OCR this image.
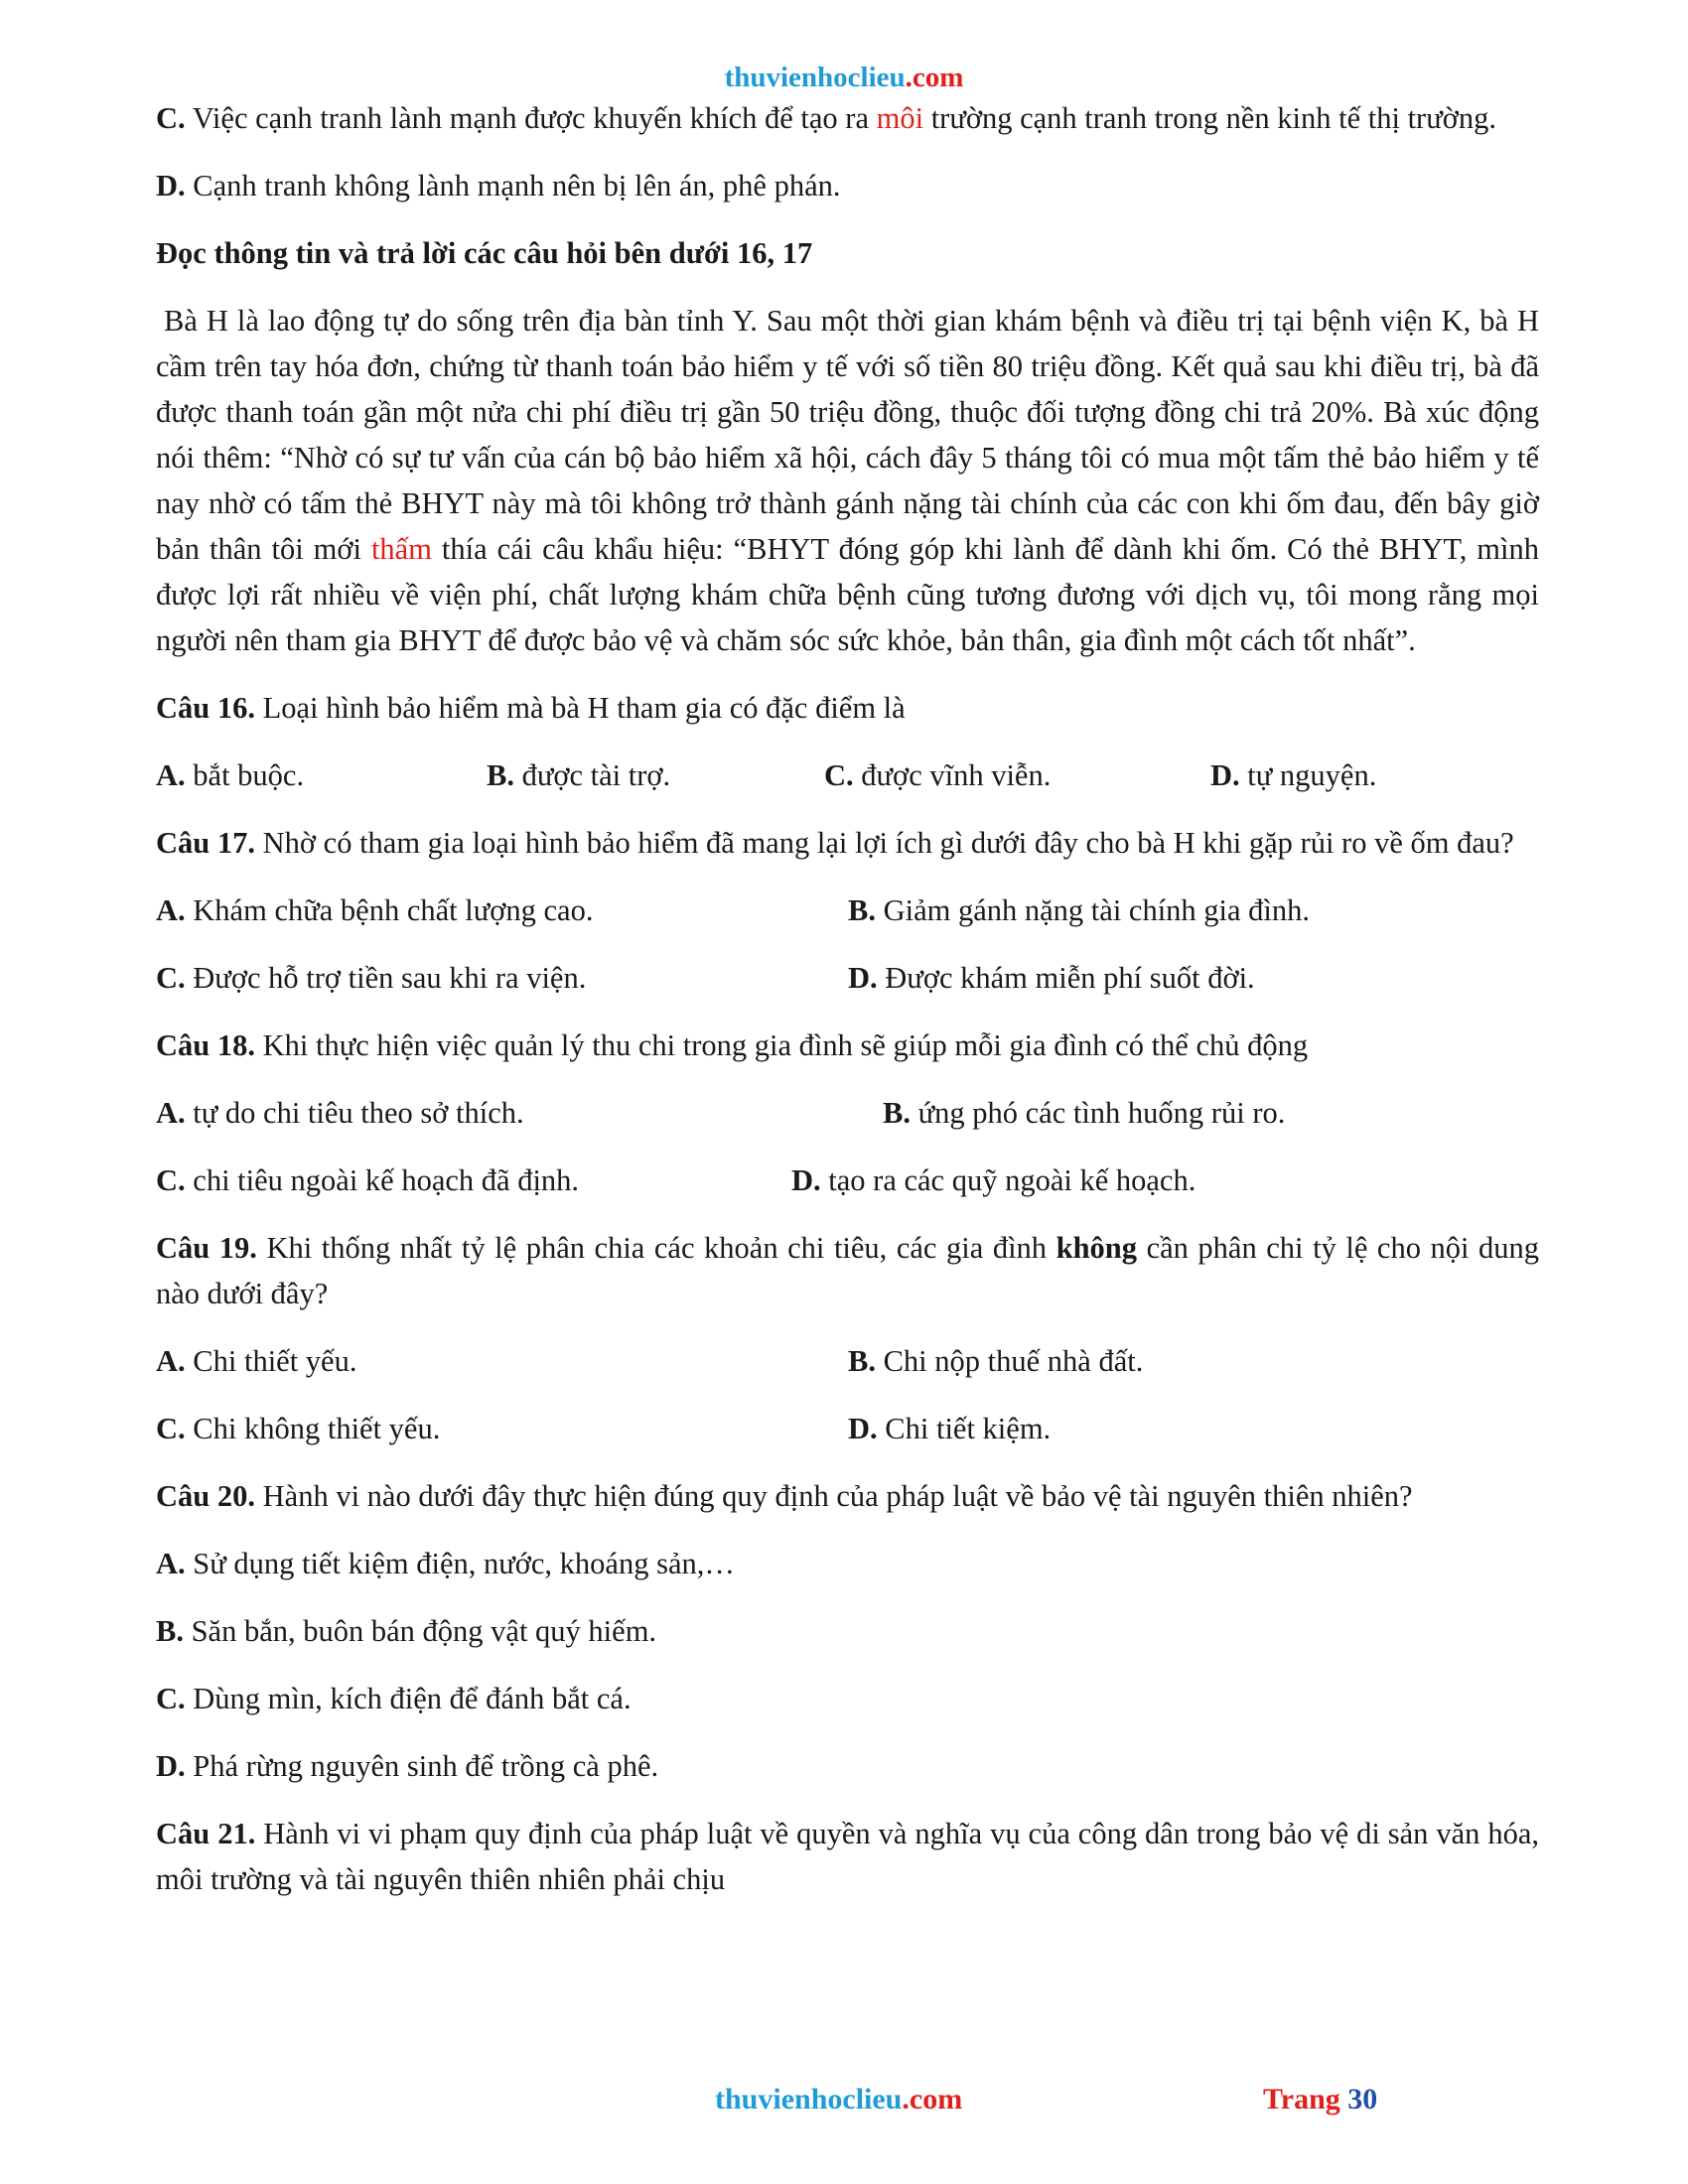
thuvienhoclieu.com

C. Việc cạnh tranh lành mạnh được khuyến khích để tạo ra môi trường cạnh tranh trong nền kinh tế thị trường.

D. Cạnh tranh không lành mạnh nên bị lên án, phê phán.

Đọc thông tin và trả lời các câu hỏi bên dưới 16, 17

Bà H là lao động tự do sống trên địa bàn tỉnh Y. Sau một thời gian khám bệnh và điều trị tại bệnh viện K, bà H cầm trên tay hóa đơn, chứng từ thanh toán bảo hiểm y tế với số tiền 80 triệu đồng. Kết quả sau khi điều trị, bà đã được thanh toán gần một nửa chi phí điều trị gần 50 triệu đồng, thuộc đối tượng đồng chi trả 20%. Bà xúc động nói thêm: “Nhờ có sự tư vấn của cán bộ bảo hiểm xã hội, cách đây 5 tháng tôi có mua một tấm thẻ bảo hiểm y tế nay nhờ có tấm thẻ BHYT này mà tôi không trở thành gánh nặng tài chính của các con khi ốm đau, đến bây giờ bản thân tôi mới thấm thía cái câu khẩu hiệu: “BHYT đóng góp khi lành để dành khi ốm. Có thẻ BHYT, mình được lợi rất nhiều về viện phí, chất lượng khám chữa bệnh cũng tương đương với dịch vụ, tôi mong rằng mọi người nên tham gia BHYT để được bảo vệ và chăm sóc sức khỏe, bản thân, gia đình một cách tốt nhất”.

Câu 16. Loại hình bảo hiểm mà bà H tham gia có đặc điểm là

A. bắt buộc.	B. được tài trợ.	C. được vĩnh viễn.	D. tự nguyện.

Câu 17. Nhờ có tham gia loại hình bảo hiểm đã mang lại lợi ích gì dưới đây cho bà H khi gặp rủi ro về ốm đau?

A. Khám chữa bệnh chất lượng cao.	B. Giảm gánh nặng tài chính gia đình.
C. Được hỗ trợ tiền sau khi ra viện.	D. Được khám miễn phí suốt đời.

Câu 18. Khi thực hiện việc quản lý thu chi trong gia đình sẽ giúp mỗi gia đình có thể chủ động

A. tự do chi tiêu theo sở thích.	B. ứng phó các tình huống rủi ro.
C. chi tiêu ngoài kế hoạch đã định.	D. tạo ra các quỹ ngoài kế hoạch.

Câu 19. Khi thống nhất tỷ lệ phân chia các khoản chi tiêu, các gia đình không cần phân chi tỷ lệ cho nội dung nào dưới đây?

A. Chi thiết yếu.	B. Chi nộp thuế nhà đất.
C. Chi không thiết yếu.	D. Chi tiết kiệm.

Câu 20. Hành vi nào dưới đây thực hiện đúng quy định của pháp luật về bảo vệ tài nguyên thiên nhiên?

A. Sử dụng tiết kiệm điện, nước, khoáng sản,…

B. Săn bắn, buôn bán động vật quý hiếm.

C. Dùng mìn, kích điện để đánh bắt cá.

D. Phá rừng nguyên sinh để trồng cà phê.

Câu 21. Hành vi vi phạm quy định của pháp luật về quyền và nghĩa vụ của công dân trong bảo vệ di sản văn hóa, môi trường và tài nguyên thiên nhiên phải chịu

thuvienhoclieu.com	Trang 30
